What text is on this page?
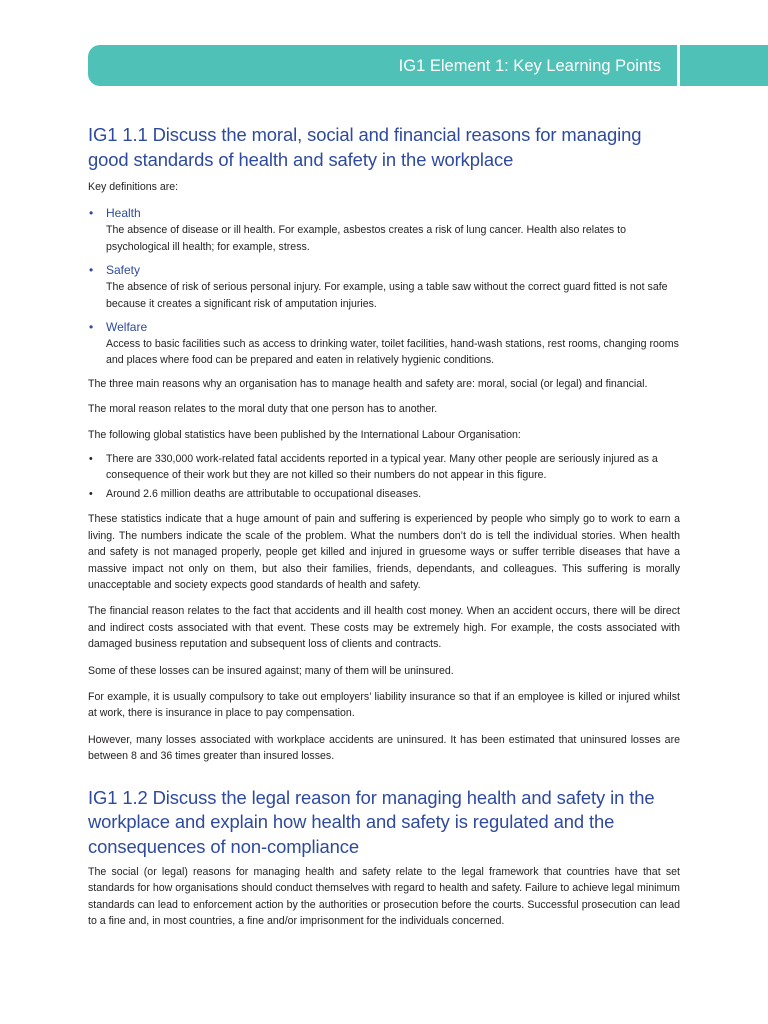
IG1 Element 1: Key Learning Points
IG1 1.1 Discuss the moral, social and financial reasons for managing good standards of health and safety in the workplace

Key definitions are:

• Health
The absence of disease or ill health. For example, asbestos creates a risk of lung cancer. Health also relates to psychological ill health; for example, stress.
• Safety
The absence of risk of serious personal injury. For example, using a table saw without the correct guard fitted is not safe because it creates a significant risk of amputation injuries.
• Welfare
Access to basic facilities such as access to drinking water, toilet facilities, hand-wash stations, rest rooms, changing rooms and places where food can be prepared and eaten in relatively hygienic conditions.

The three main reasons why an organisation has to manage health and safety are: moral, social (or legal) and financial.

The moral reason relates to the moral duty that one person has to another.

The following global statistics have been published by the International Labour Organisation:

• There are 330,000 work-related fatal accidents reported in a typical year. Many other people are seriously injured as a consequence of their work but they are not killed so their numbers do not appear in this figure.
• Around 2.6 million deaths are attributable to occupational diseases.

These statistics indicate that a huge amount of pain and suffering is experienced by people who simply go to work to earn a living. The numbers indicate the scale of the problem. What the numbers don’t do is tell the individual stories. When health and safety is not managed properly, people get killed and injured in gruesome ways or suffer terrible diseases that have a massive impact not only on them, but also their families, friends, dependants, and colleagues. This suffering is morally unacceptable and society expects good standards of health and safety.

The financial reason relates to the fact that accidents and ill health cost money. When an accident occurs, there will be direct and indirect costs associated with that event. These costs may be extremely high. For example, the costs associated with damaged business reputation and subsequent loss of clients and contracts.

Some of these losses can be insured against; many of them will be uninsured.

For example, it is usually compulsory to take out employers’ liability insurance so that if an employee is killed or injured whilst at work, there is insurance in place to pay compensation.

However, many losses associated with workplace accidents are uninsured. It has been estimated that uninsured losses are between 8 and 36 times greater than insured losses.

IG1 1.2 Discuss the legal reason for managing health and safety in the workplace and explain how health and safety is regulated and the consequences of non-compliance

The social (or legal) reasons for managing health and safety relate to the legal framework that countries have that set standards for how organisations should conduct themselves with regard to health and safety. Failure to achieve legal minimum standards can lead to enforcement action by the authorities or prosecution before the courts. Successful prosecution can lead to a fine and, in most countries, a fine and/or imprisonment for the individuals concerned.
